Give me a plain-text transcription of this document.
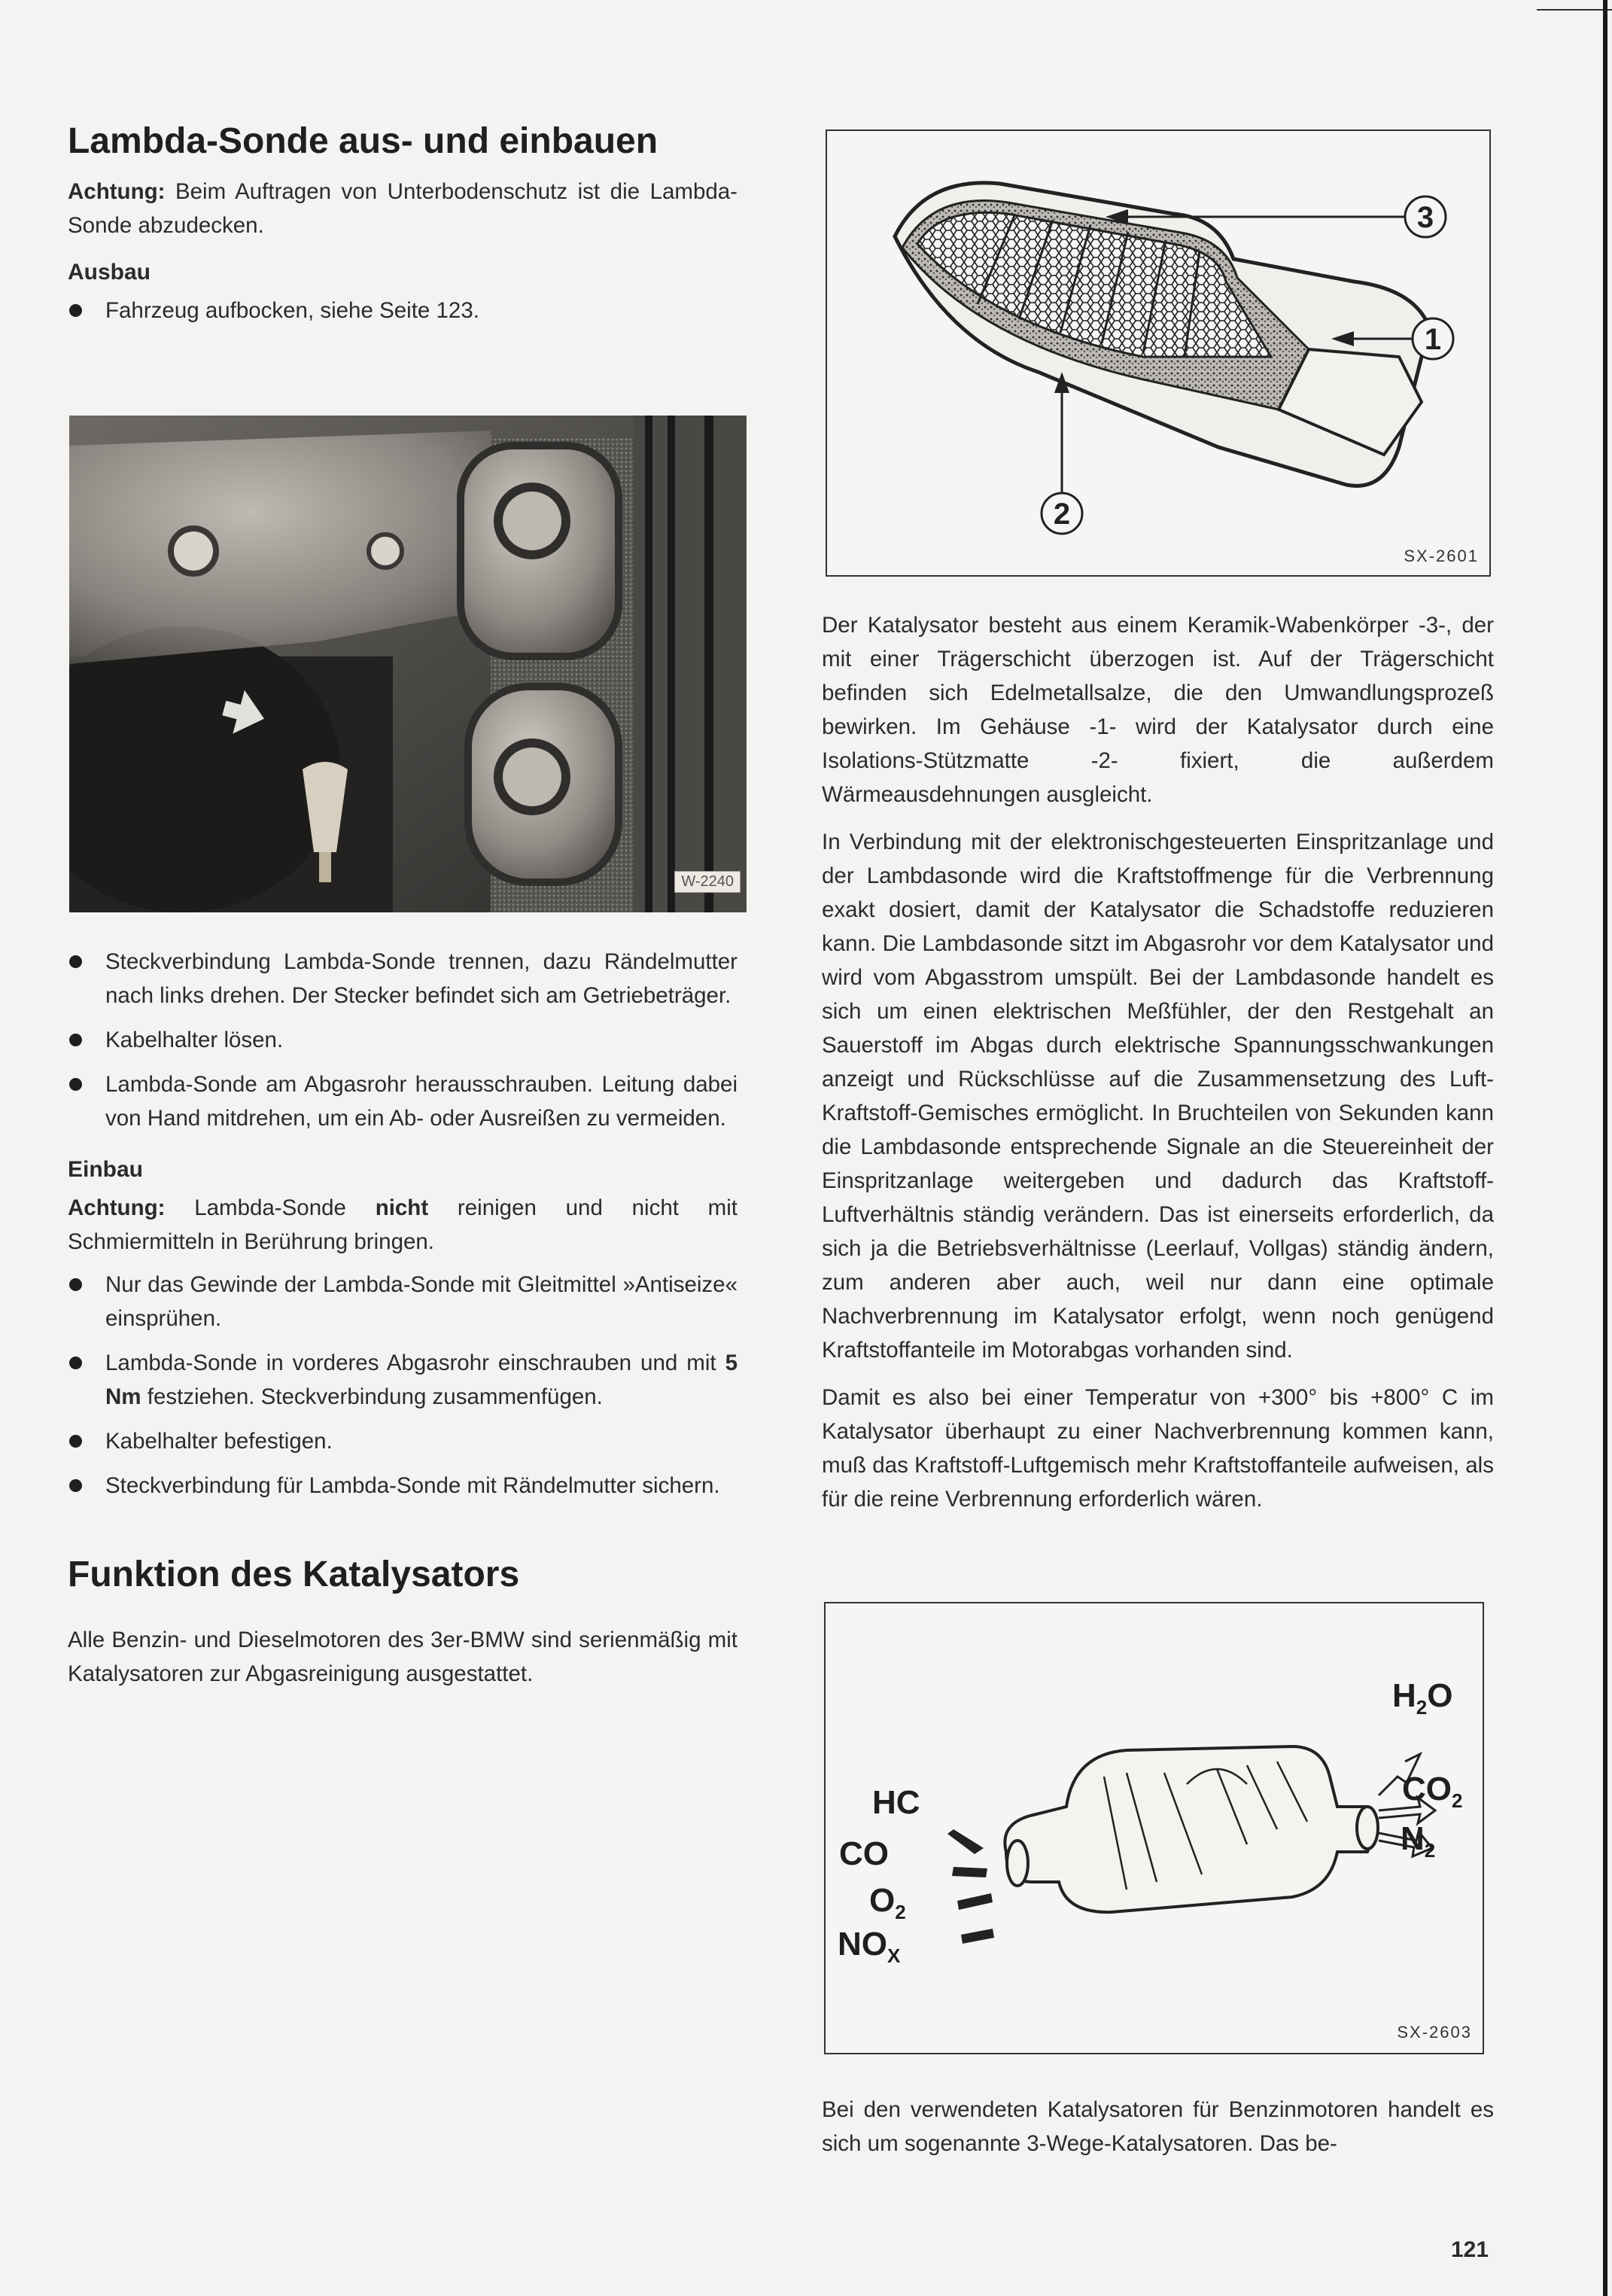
Lambda-Sonde aus- und einbauen

Achtung: Beim Auftragen von Unterbodenschutz ist die Lambda-Sonde abzudecken.

Ausbau
Fahrzeug aufbocken, siehe Seite 123.
W-2240
Steckverbindung Lambda-Sonde trennen, dazu Rändelmutter nach links drehen. Der Stecker befindet sich am Getriebeträger.
Kabelhalter lösen.
Lambda-Sonde am Abgasrohr herausschrauben. Leitung dabei von Hand mitdrehen, um ein Ab- oder Ausreißen zu vermeiden.
Einbau

Achtung: Lambda-Sonde nicht reinigen und nicht mit Schmiermitteln in Berührung bringen.

Nur das Gewinde der Lambda-Sonde mit Gleitmittel »Antiseize« einsprühen.
Lambda-Sonde in vorderes Abgasrohr einschrauben und mit 5 Nm festziehen. Steckverbindung zusammenfügen.
Kabelhalter befestigen.
Steckverbindung für Lambda-Sonde mit Rändelmutter sichern.
Funktion des Katalysators

Alle Benzin- und Dieselmotoren des 3er-BMW sind serienmäßig mit Katalysatoren zur Abgasreinigung ausgestattet.

3
1
2
SX-2601

Der Katalysator besteht aus einem Keramik-Wabenkörper -3-, der mit einer Trägerschicht überzogen ist. Auf der Trägerschicht befinden sich Edelmetallsalze, die den Umwandlungsprozeß bewirken. Im Gehäuse -1- wird der Katalysator durch eine Isolations-Stützmatte -2- fixiert, die außerdem Wärmeausdehnungen ausgleicht.

In Verbindung mit der elektronischgesteuerten Einspritzanlage und der Lambdasonde wird die Kraftstoffmenge für die Verbrennung exakt dosiert, damit der Katalysator die Schadstoffe reduzieren kann. Die Lambdasonde sitzt im Abgasrohr vor dem Katalysator und wird vom Abgasstrom umspült. Bei der Lambdasonde handelt es sich um einen elektrischen Meßfühler, der den Restgehalt an Sauerstoff im Abgas durch elektrische Spannungsschwankungen anzeigt und Rückschlüsse auf die Zusammensetzung des Luft-Kraftstoff-Gemisches ermöglicht. In Bruchteilen von Sekunden kann die Lambdasonde entsprechende Signale an die Steuereinheit der Einspritzanlage weitergeben und dadurch das Kraftstoff-Luftverhältnis ständig verändern. Das ist einerseits erforderlich, da sich ja die Betriebsverhältnisse (Leerlauf, Vollgas) ständig ändern, zum anderen aber auch, weil nur dann eine optimale Nachverbrennung im Katalysator erfolgt, wenn noch genügend Kraftstoffanteile im Motorabgas vorhanden sind.

Damit es also bei einer Temperatur von +300° bis +800° C im Katalysator überhaupt zu einer Nachverbrennung kommen kann, muß das Kraftstoff-Luftgemisch mehr Kraftstoffanteile aufweisen, als für die reine Verbrennung erforderlich wären.

HC
CO
$O_2$
$NO_X$
$H_2O$
$CO_2$
$N_2$
SX-2603

Bei den verwendeten Katalysatoren für Benzinmotoren handelt es sich um sogenannte 3-Wege-Katalysatoren. Das be-

121
